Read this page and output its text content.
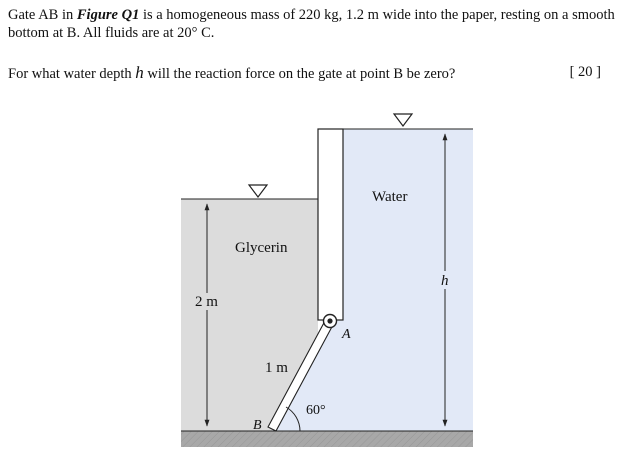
Gate AB in Figure Q1 is a homogeneous mass of 220 kg, 1.2 m wide into the paper, resting on a smooth bottom at B. All fluids are at 20° C.

For what water depth h will the reaction force on the gate at point B be zero?	[ 20 ]
Glycerin
Water
2 m
h
1 m
60°
A
B
